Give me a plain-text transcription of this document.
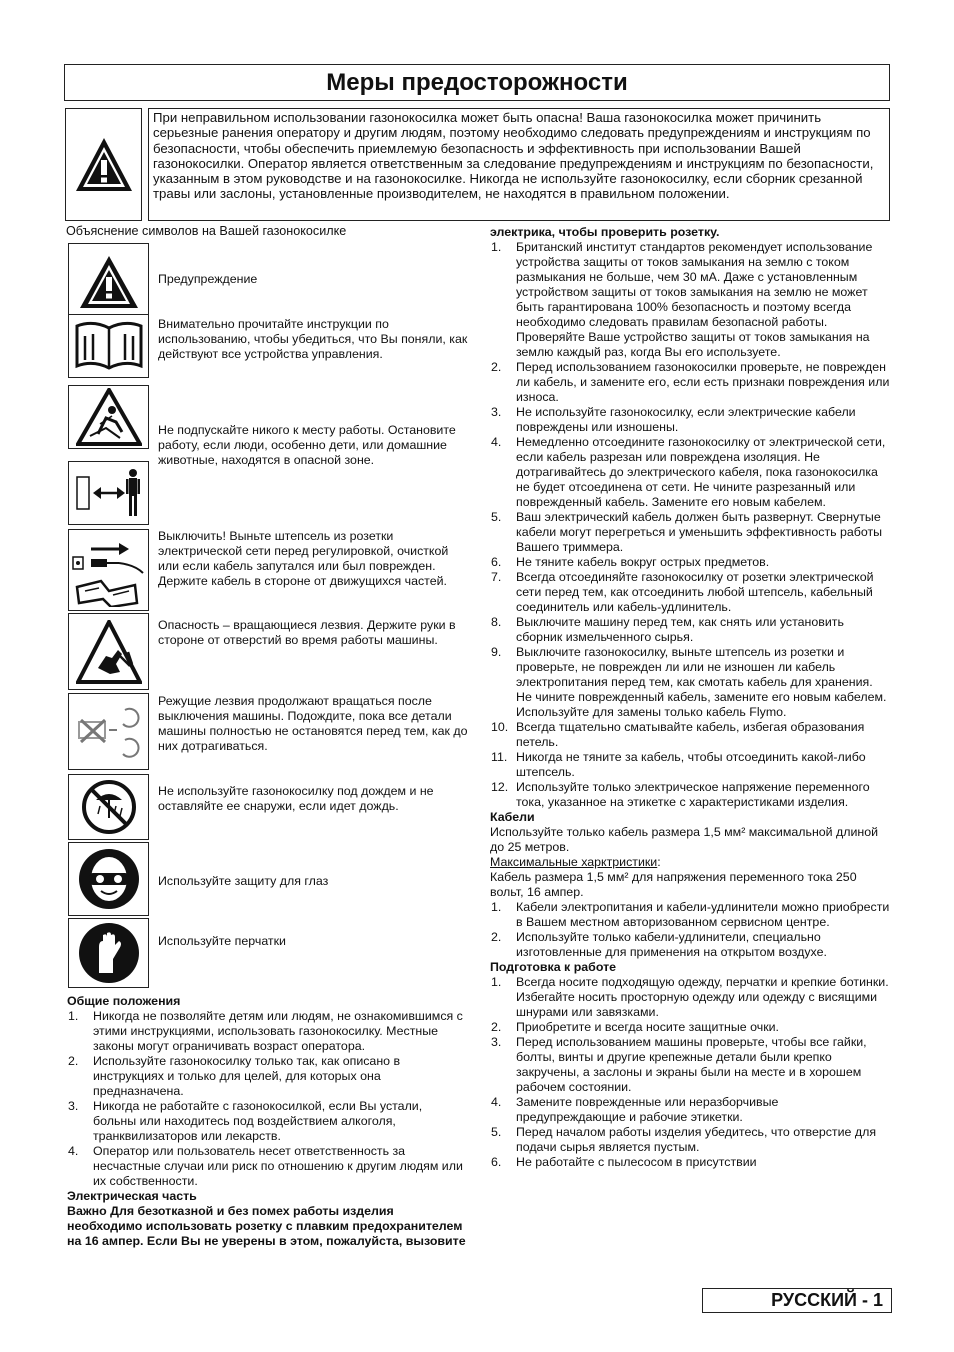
Меры предосторожности
При неправильном использовании газонокосилка может быть опасна! Ваша газонокосилка может причинить серьезные ранения оператору и другим людям, поэтому необходимо следовать предупреждениям и инструкциям по безопасности, чтобы обеспечить приемлемую безопасность и эффективность при использовании Вашей газонокосилки. Оператор является ответственным за следование предупреждениям и инструкциям по безопасности, указанным в этом руководстве и на газонокосилке. Никогда не используйте газонокосилку, если сборник срезанной травы или заслоны, установленные производителем, не находятся в правильном положении.
Объяснение символов на Вашей газонокосилке
Предупреждение
Внимательно прочитайте инструкции по использованию, чтобы убедиться, что Вы поняли, как действуют все устройства управления.
Не подпускайте никого к месту работы. Остановите работу, если люди, особенно дети, или домашние животные, находятся в опасной зоне.
Выключить! Выньте штепсель из розетки электрической сети перед регулировкой, очисткой или если кабель запутался или был поврежден. Держите кабель в стороне от движущихся частей.
Опасность – вращающиеся лезвия. Держите руки в стороне от отверстий во время работы машины.
Режущие лезвия продолжают вращаться после выключения машины. Подождите, пока все детали машины полностью не остановятся перед тем, как до них дотрагиваться.
Не используйте газонокосилку под дождем и не оставляйте ее снаружи, если идет дождь.
Используйте защиту для глаз
Используйте перчатки
Общие положения
1. Никогда не позволяйте детям или людям, не ознакомившимся с этими инструкциями, использовать газонокосилку. Местные законы могут ограничивать возраст оператора.
2. Используйте газонокосилку только так, как описано в инструкциях и только для целей, для которых она предназначена.
3. Никогда не работайте с газонокосилкой, если Вы устали, больны или находитесь под воздействием алкоголя, транквилизаторов или лекарств.
4. Оператор или пользователь несет ответственность за несчастные случаи или риск по отношению к другим людям или их собственности.
Электрическая часть
Важно Для безотказной и без помех работы изделия необходимо использовать розетку с плавким предохранителем на 16 ампер. Если Вы не уверены в этом, пожалуйста, вызовите
электрика, чтобы проверить розетку.
1. Британский институт стандартов рекомендует использование устройства защиты от токов замыкания на землю с током размыкания не больше, чем 30 мА. Даже с установленным устройством защиты от токов замыкания на землю не может быть гарантирована 100% безопасность и поэтому всегда необходимо следовать правилам безопасной работы. Проверяйте Ваше устройство защиты от токов замыкания на землю каждый раз, когда Вы его используете.
2. Перед использованием газонокосилки проверьте, не поврежден ли кабель, и замените его, если есть признаки повреждения или износа.
3. Не используйте газонокосилку, если электрические кабели повреждены или изношены.
4. Немедленно отсоедините газонокосилку от электрической сети, если кабель разрезан или повреждена изоляция. Не дотрагивайтесь до электрического кабеля, пока газонокосилка не будет отсоединена от сети. Не чините разрезанный или поврежденный кабель. Замените его новым кабелем.
5. Ваш электрический кабель должен быть развернут. Свернутые кабели могут перегреться и уменьшить эффективность работы Вашего триммера.
6. Не тяните кабель вокруг острых предметов.
7. Всегда отсоединяйте газонокосилку от розетки электрической сети перед тем, как отсоединить любой штепсель, кабельный соединитель или кабель-удлинитель.
8. Выключите машину перед тем, как снять или установить сборник измельченного сырья.
9. Выключите газонокосилку, выньте штепсель из розетки и проверьте, не поврежден ли или не изношен ли кабель электропитания перед тем, как смотать кабель для хранения. Не чините поврежденный кабель, замените его новым кабелем. Используйте для замены только кабель Flymo.
10. Всегда тщательно сматывайте кабель, избегая образования петель.
11. Никогда не тяните за кабель, чтобы отсоединить какой-либо штепсель.
12. Используйте только электрическое напряжение переменного тока, указанное на этикетке с характеристиками изделия.
Кабели
Используйте только кабель размера 1,5 мм² максимальной длиной до 25 метров.
Максимальные харктристики:
Кабель размера 1,5 мм² для напряжения переменного тока 250 вольт, 16 ампер.
1. Кабели электропитания и кабели-удлинители можно приобрести в Вашем местном авторизованном сервисном центре.
2. Используйте только кабели-удлинители, специально изготовленные для применения на открытом воздухе.
Подготовка к работе
1. Всегда носите подходящую одежду, перчатки и крепкие ботинки. Избегайте носить просторную одежду или одежду с висящими шнурами или завязками.
2. Приобретите и всегда носите защитные очки.
3. Перед использованием машины проверьте, чтобы все гайки, болты, винты и другие крепежные детали были крепко закручены, а заслоны и экраны были на месте и в хорошем рабочем состоянии.
4. Замените поврежденные или неразборчивые предупреждающие и рабочие этикетки.
5. Перед началом работы изделия убедитесь, что отверстие для подачи сырья является пустым.
6. Не работайте с пылесосом в присутствии
РУССКИЙ - 1
